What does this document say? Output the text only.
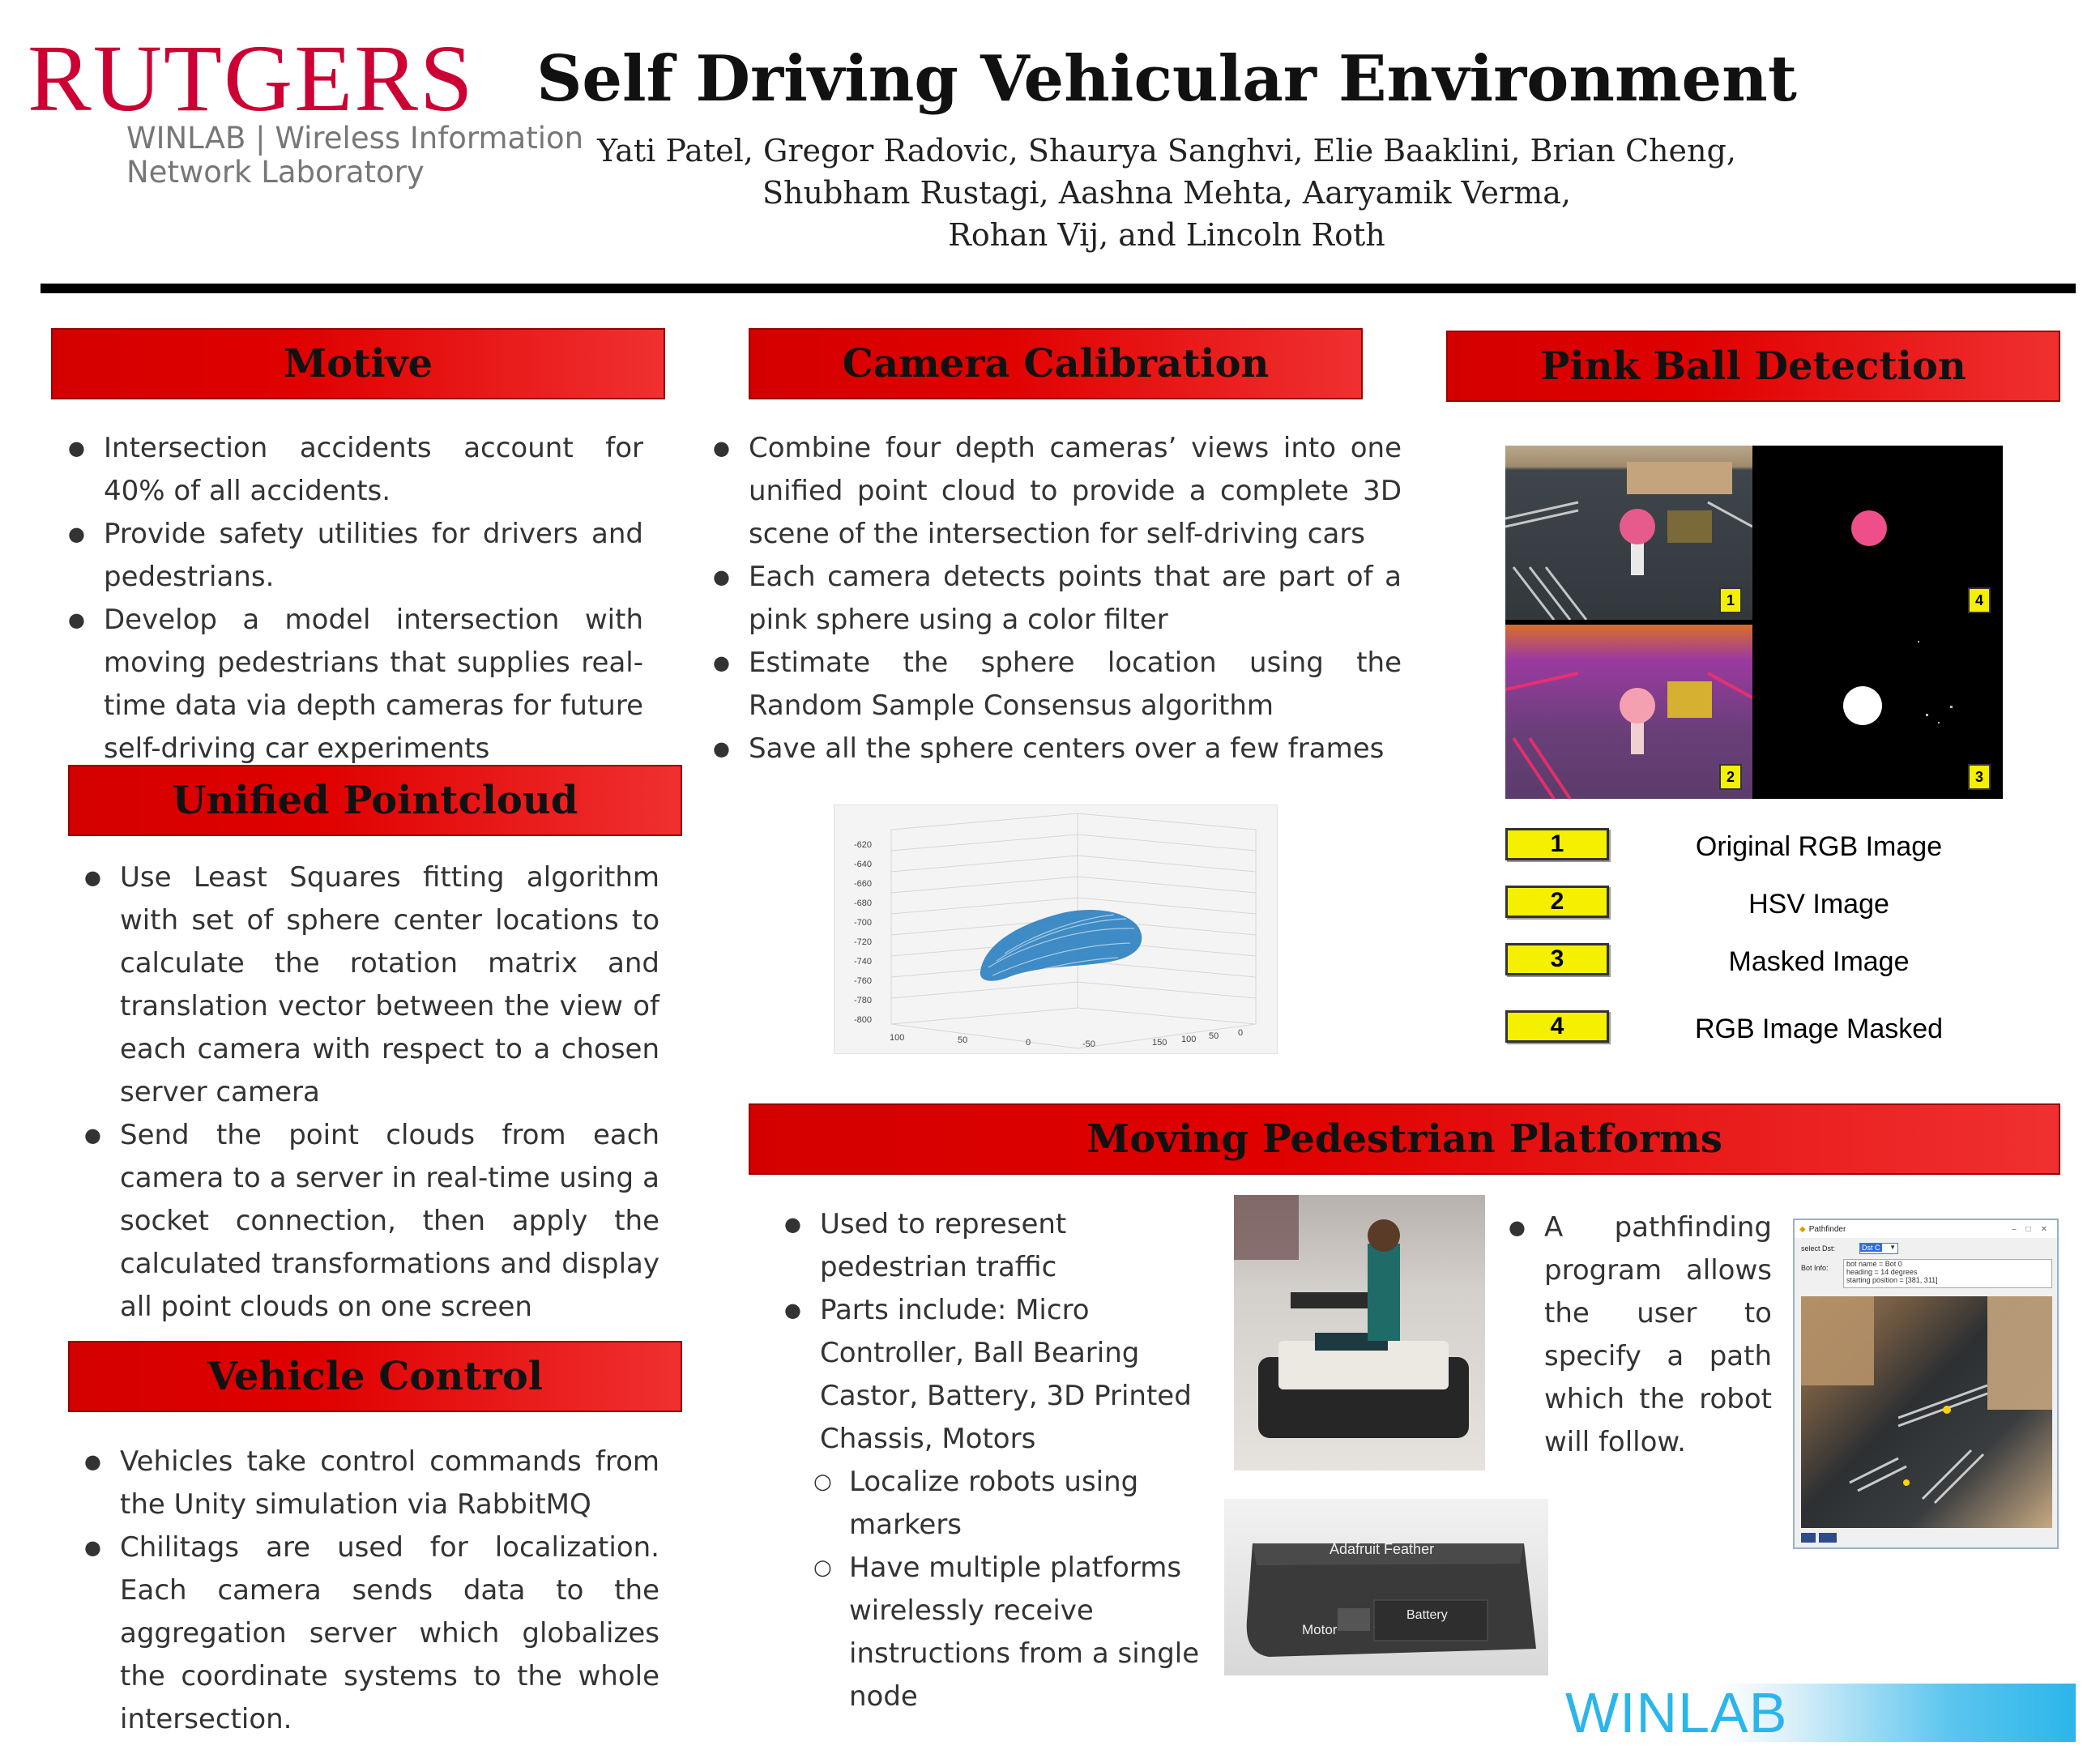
RUTGERS
WINLAB | Wireless Information
Network Laboratory
Self Driving Vehicular Environment
Yati Patel, Gregor Radovic, Shaurya Sanghvi, Elie Baaklini, Brian Cheng,
Shubham Rustagi, Aashna Mehta, Aaryamik Verma,
Rohan Vij, and Lincoln Roth
Motive
● Intersection accidents account for 40% of all accidents.
● Provide safety utilities for drivers and pedestrians.
● Develop a model intersection with moving pedestrians that supplies real-time data via depth cameras for future self-driving car experiments
Unified Pointcloud
● Use Least Squares fitting algorithm with set of sphere center locations to calculate the rotation matrix and translation vector between the view of each camera with respect to a chosen server camera
● Send the point clouds from each camera to a server in real-time using a socket connection, then apply the calculated transformations and display all point clouds on one screen
Vehicle Control
● Vehicles take control commands from the Unity simulation via RabbitMQ
● Chilitags are used for localization. Each camera sends data to the aggregation server which globalizes the coordinate systems to the whole intersection.
Camera Calibration
● Combine four depth cameras’ views into one unified point cloud to provide a complete 3D scene of the intersection for self-driving cars
● Each camera detects points that are part of a pink sphere using a color filter
● Estimate the sphere location using the Random Sample Consensus algorithm
● Save all the sphere centers over a few frames
-620
-640
-660
-680
-700
-720
-740
-760
-780
-800
100	50	0	-50	150 100 50 0
Pink Ball Detection
1	4
2	3
1	Original RGB Image
2	HSV Image
3	Masked Image
4	RGB Image Masked
Moving Pedestrian Platforms
● Used to represent pedestrian traffic
● Parts include: Micro Controller, Ball Bearing Castor, Battery, 3D Printed Chassis, Motors
○ Localize robots using markers
○ Have multiple platforms wirelessly receive instructions from a single node
Adafruit Feather
Motor
Battery
● A pathfinding program allows the user to specify a path which the robot will follow.
◆ Pathfinder	–□✕
select Dst:	Dst C ▼
Bot Info: bot name = Bot 0
heading = 14 degrees
starting position = [381, 311]
WINLAB
